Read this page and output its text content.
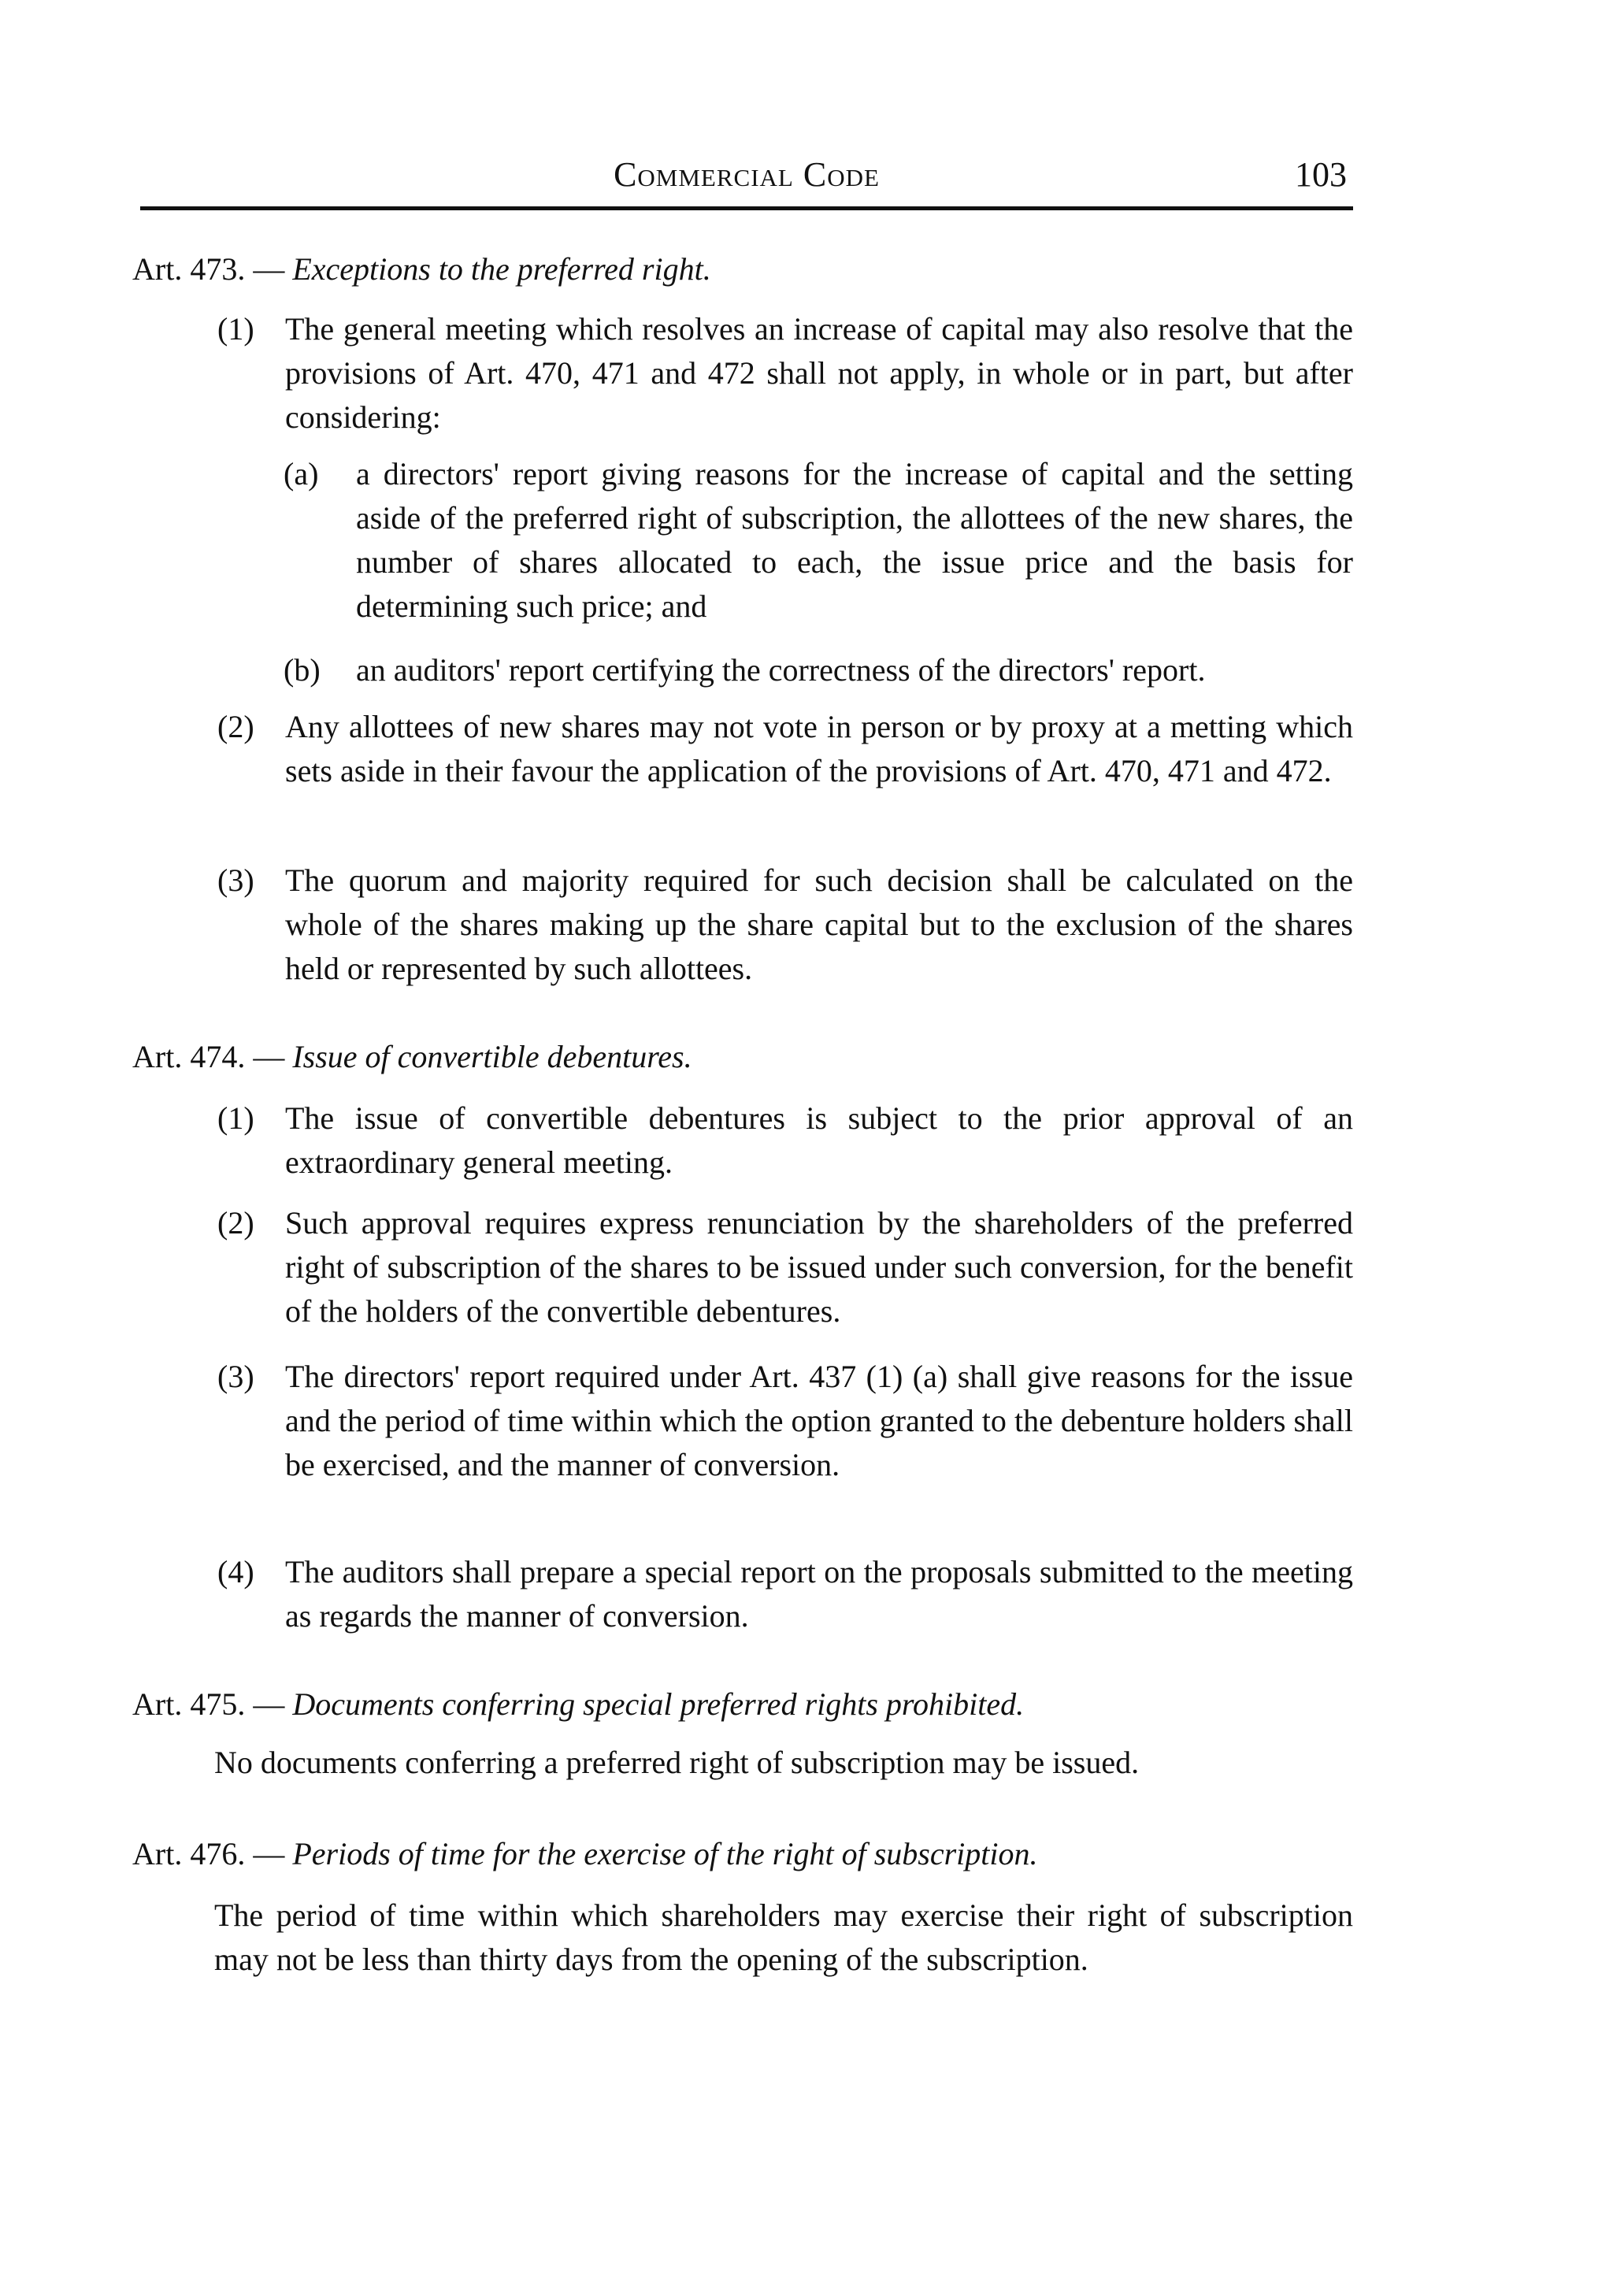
Commercial Code	103
Art. 473. — Exceptions to the preferred right.
(1) The general meeting which resolves an increase of capital may also resolve that the provisions of Art. 470, 471 and 472 shall not apply, in whole or in part, but after considering:
(a) a directors' report giving reasons for the increase of capital and the setting aside of the preferred right of subscription, the allottees of the new shares, the number of shares allocated to each, the issue price and the basis for determining such price; and
(b) an auditors' report certifying the correctness of the directors' report.
(2) Any allottees of new shares may not vote in person or by proxy at a metting which sets aside in their favour the application of the provisions of Art. 470, 471 and 472.
(3) The quorum and majority required for such decision shall be calculated on the whole of the shares making up the share capital but to the exclusion of the shares held or represented by such allottees.
Art. 474. — Issue of convertible debentures.
(1) The issue of convertible debentures is subject to the prior approval of an extraordinary general meeting.
(2) Such approval requires express renunciation by the shareholders of the preferred right of subscription of the shares to be issued under such conversion, for the benefit of the holders of the convertible debentures.
(3) The directors' report required under Art. 437 (1) (a) shall give reasons for the issue and the period of time within which the option granted to the debenture holders shall be exercised, and the manner of conversion.
(4) The auditors shall prepare a special report on the proposals submitted to the meeting as regards the manner of conversion.
Art. 475. — Documents conferring special preferred rights prohibited.
No documents conferring a preferred right of subscription may be issued.
Art. 476. — Periods of time for the exercise of the right of subscription.
The period of time within which shareholders may exercise their right of subscription may not be less than thirty days from the opening of the subscription.
